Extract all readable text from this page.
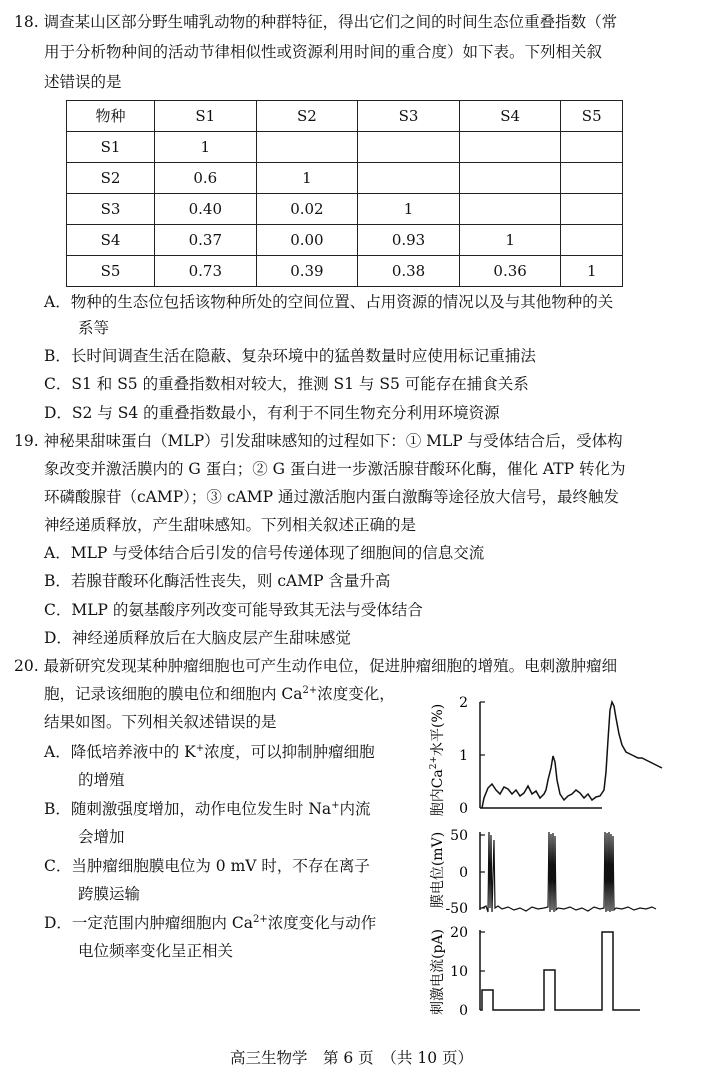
18. 调查某山区部分野生哺乳动物的种群特征，得出它们之间的时间生态位重叠指数（常
用于分析物种间的活动节律相似性或资源利用时间的重合度）如下表。下列相关叙
述错误的是
物种	S1	S2	S3	S4	S5
S1	1				
S2	0.6	1			
S3	0.40	0.02	1		
S4	0.37	0.00	0.93	1	
S5	0.73	0.39	0.38	0.36	1
A．物种的生态位包括该物种所处的空间位置、占用资源的情况以及与其他物种的关
系等
B．长时间调查生活在隐蔽、复杂环境中的猛兽数量时应使用标记重捕法
C．S1 和 S5 的重叠指数相对较大，推测 S1 与 S5 可能存在捕食关系
D．S2 与 S4 的重叠指数最小，有利于不同生物充分利用环境资源
19. 神秘果甜味蛋白（MLP）引发甜味感知的过程如下：① MLP 与受体结合后，受体构
象改变并激活膜内的 G 蛋白；② G 蛋白进一步激活腺苷酸环化酶，催化 ATP 转化为
环磷酸腺苷（cAMP）；③ cAMP 通过激活胞内蛋白激酶等途径放大信号，最终触发
神经递质释放，产生甜味感知。下列相关叙述正确的是
A．MLP 与受体结合后引发的信号传递体现了细胞间的信息交流
B．若腺苷酸环化酶活性丧失，则 cAMP 含量升高
C．MLP 的氨基酸序列改变可能导致其无法与受体结合
D．神经递质释放后在大脑皮层产生甜味感觉
20. 最新研究发现某种肿瘤细胞也可产生动作电位，促进肿瘤细胞的增殖。电刺激肿瘤细
胞，记录该细胞的膜电位和细胞内 $Ca^{2+}$浓度变化，
结果如图。下列相关叙述错误的是
A．降低培养液中的 K+浓度，可以抑制肿瘤细胞
的增殖
B．随刺激强度增加，动作电位发生时 Na+内流
会增加
C．当肿瘤细胞膜电位为 0 mV 时，不存在离子
跨膜运输
D．一定范围内肿瘤细胞内 $Ca^{2+}$浓度变化与动作
电位频率变化呈正相关
胞内$Ca^{2+}$水平(%)
2
1
0
膜电位(mV) 50
0
-50
刺激电流(pA) 20
10
0
高三生物学　第 6 页　（共 10 页）
